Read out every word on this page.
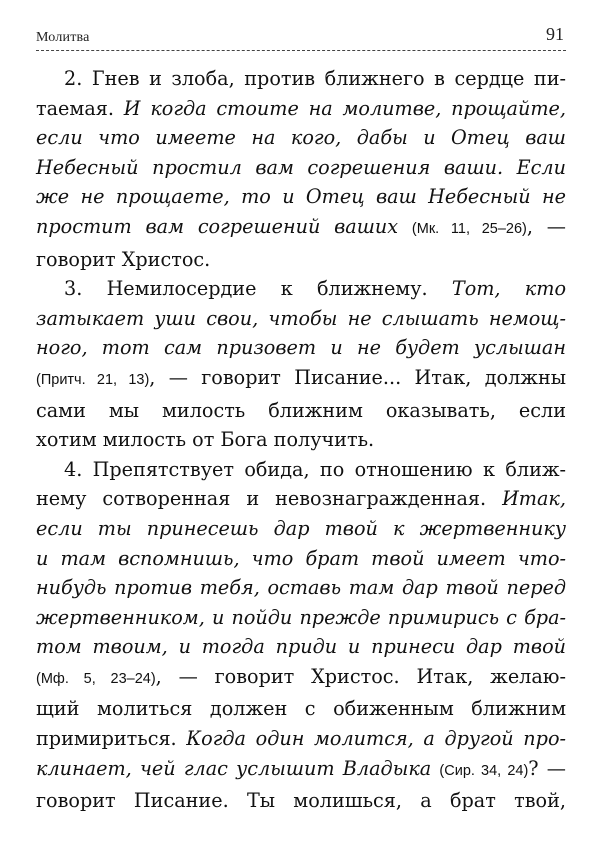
Молитва	91
2. Гнев и злоба, против ближнего в сердце пи-
таемая. И когда стоите на молитве, прощайте,
если что имеете на кого, дабы и Отец ваш
Небесный простил вам согрешения ваши. Если
же не прощаете, то и Отец ваш Небесный не
простит вам согрешений ваших (Мк. 11, 25–26), —
говорит Христос.
3. Немилосердие к ближнему. Тот, кто
затыкает уши свои, чтобы не слышать немощ-
ного, тот сам призовет и не будет услышан
(Притч. 21, 13), — говорит Писание... Итак, должны
сами мы милость ближним оказывать, если
хотим милость от Бога получить.
4. Препятствует обида, по отношению к ближ-
нему сотворенная и невознагражденная. Итак,
если ты принесешь дар твой к жертвеннику
и там вспомнишь, что брат твой имеет что-
нибудь против тебя, оставь там дар твой перед
жертвенником, и пойди прежде примирись с бра-
том твоим, и тогда приди и принеси дар твой
(Мф. 5, 23–24), — говорит Христос. Итак, желаю-
щий молиться должен с обиженным ближним
примириться. Когда один молится, а другой про-
клинает, чей глас услышит Владыка (Сир. 34, 24)? —
говорит Писание. Ты молишься, а брат твой,
